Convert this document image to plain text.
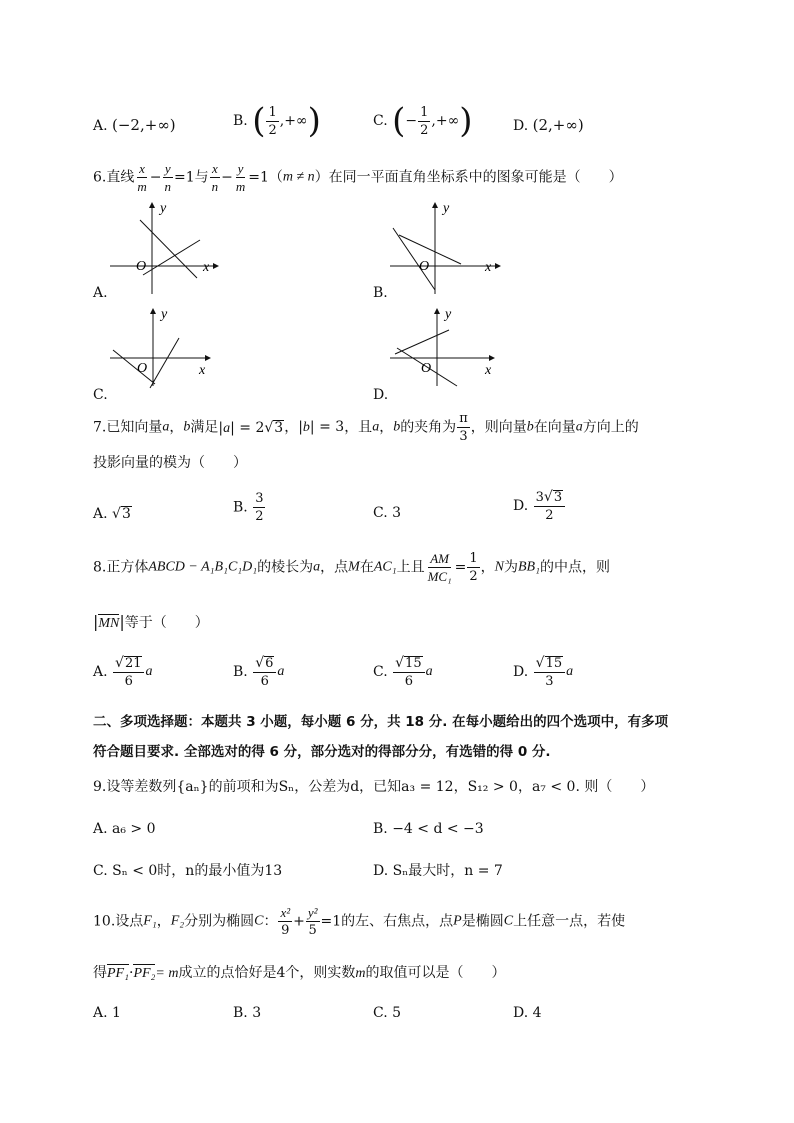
A. (−2,+∞)	B. ( $\frac{1}{2}$ ,+∞)	C. (− $\frac{1}{2}$ ,+∞)	D. (2,+∞)
6.直线 $\frac{x}{m} - \frac{y}{n} =1$与 $\frac{x}{n} - \frac{y}{m} =1(m \ne n)$在同一平面直角坐标系中的图象可能是（　　）
y
x
O
A.
y
x
O
B.
y
x
O
C.
y
x
O
D.
7.已知向量a，b满足|a| = 2√3，|b| = 3，且a，b的夹角为 $\frac{\pi}{3}$ ，则向量b在向量a方向上的
投影向量的模为（　　）
A. √3	B. $\frac{3}{2}$	C. 3	D. $\frac{3√3}{2}$
8.正方体ABCD − A₁B₁C₁D₁的棱长为a，点M在AC₁上且 $\frac{AM}{\text{MC₁}} = \frac{1}{2}$ ，N为BB₁的中点，则
|MN|等于（　　）
A. $\frac{√21}{6}$ a	B. $\frac{√6}{6}$ a	C. $\frac{√15}{6}$ a	D. $\frac{√15}{3}$ a
二、多项选择题：本题共 3 小题，每小题 6 分，共 18 分. 在每小题给出的四个选项中，有多项
符合题目要求. 全部选对的得 6 分，部分选对的得部分分，有选错的得 0 分.
9.设等差数列{aₙ}的前项和为Sₙ，公差为d，已知a₃ = 12，S₁₂ > 0，a₇ < 0. 则（　　）
A. a₆ > 0	B. −4 < d < −3
C. Sₙ < 0时，n的最小值为13	D. Sₙ最大时，n = 7
10.设点F₁，F₂分别为椭圆C： $\frac{\text{x²}}{9} + \frac{\text{y²}}{5} =1$的左、右焦点，点P是椭圆C上任意一点，若使
得PF₁·PF₂= m成立的点恰好是4个，则实数m的取值可以是（　　）
A. 1	B. 3	C. 5	D. 4
